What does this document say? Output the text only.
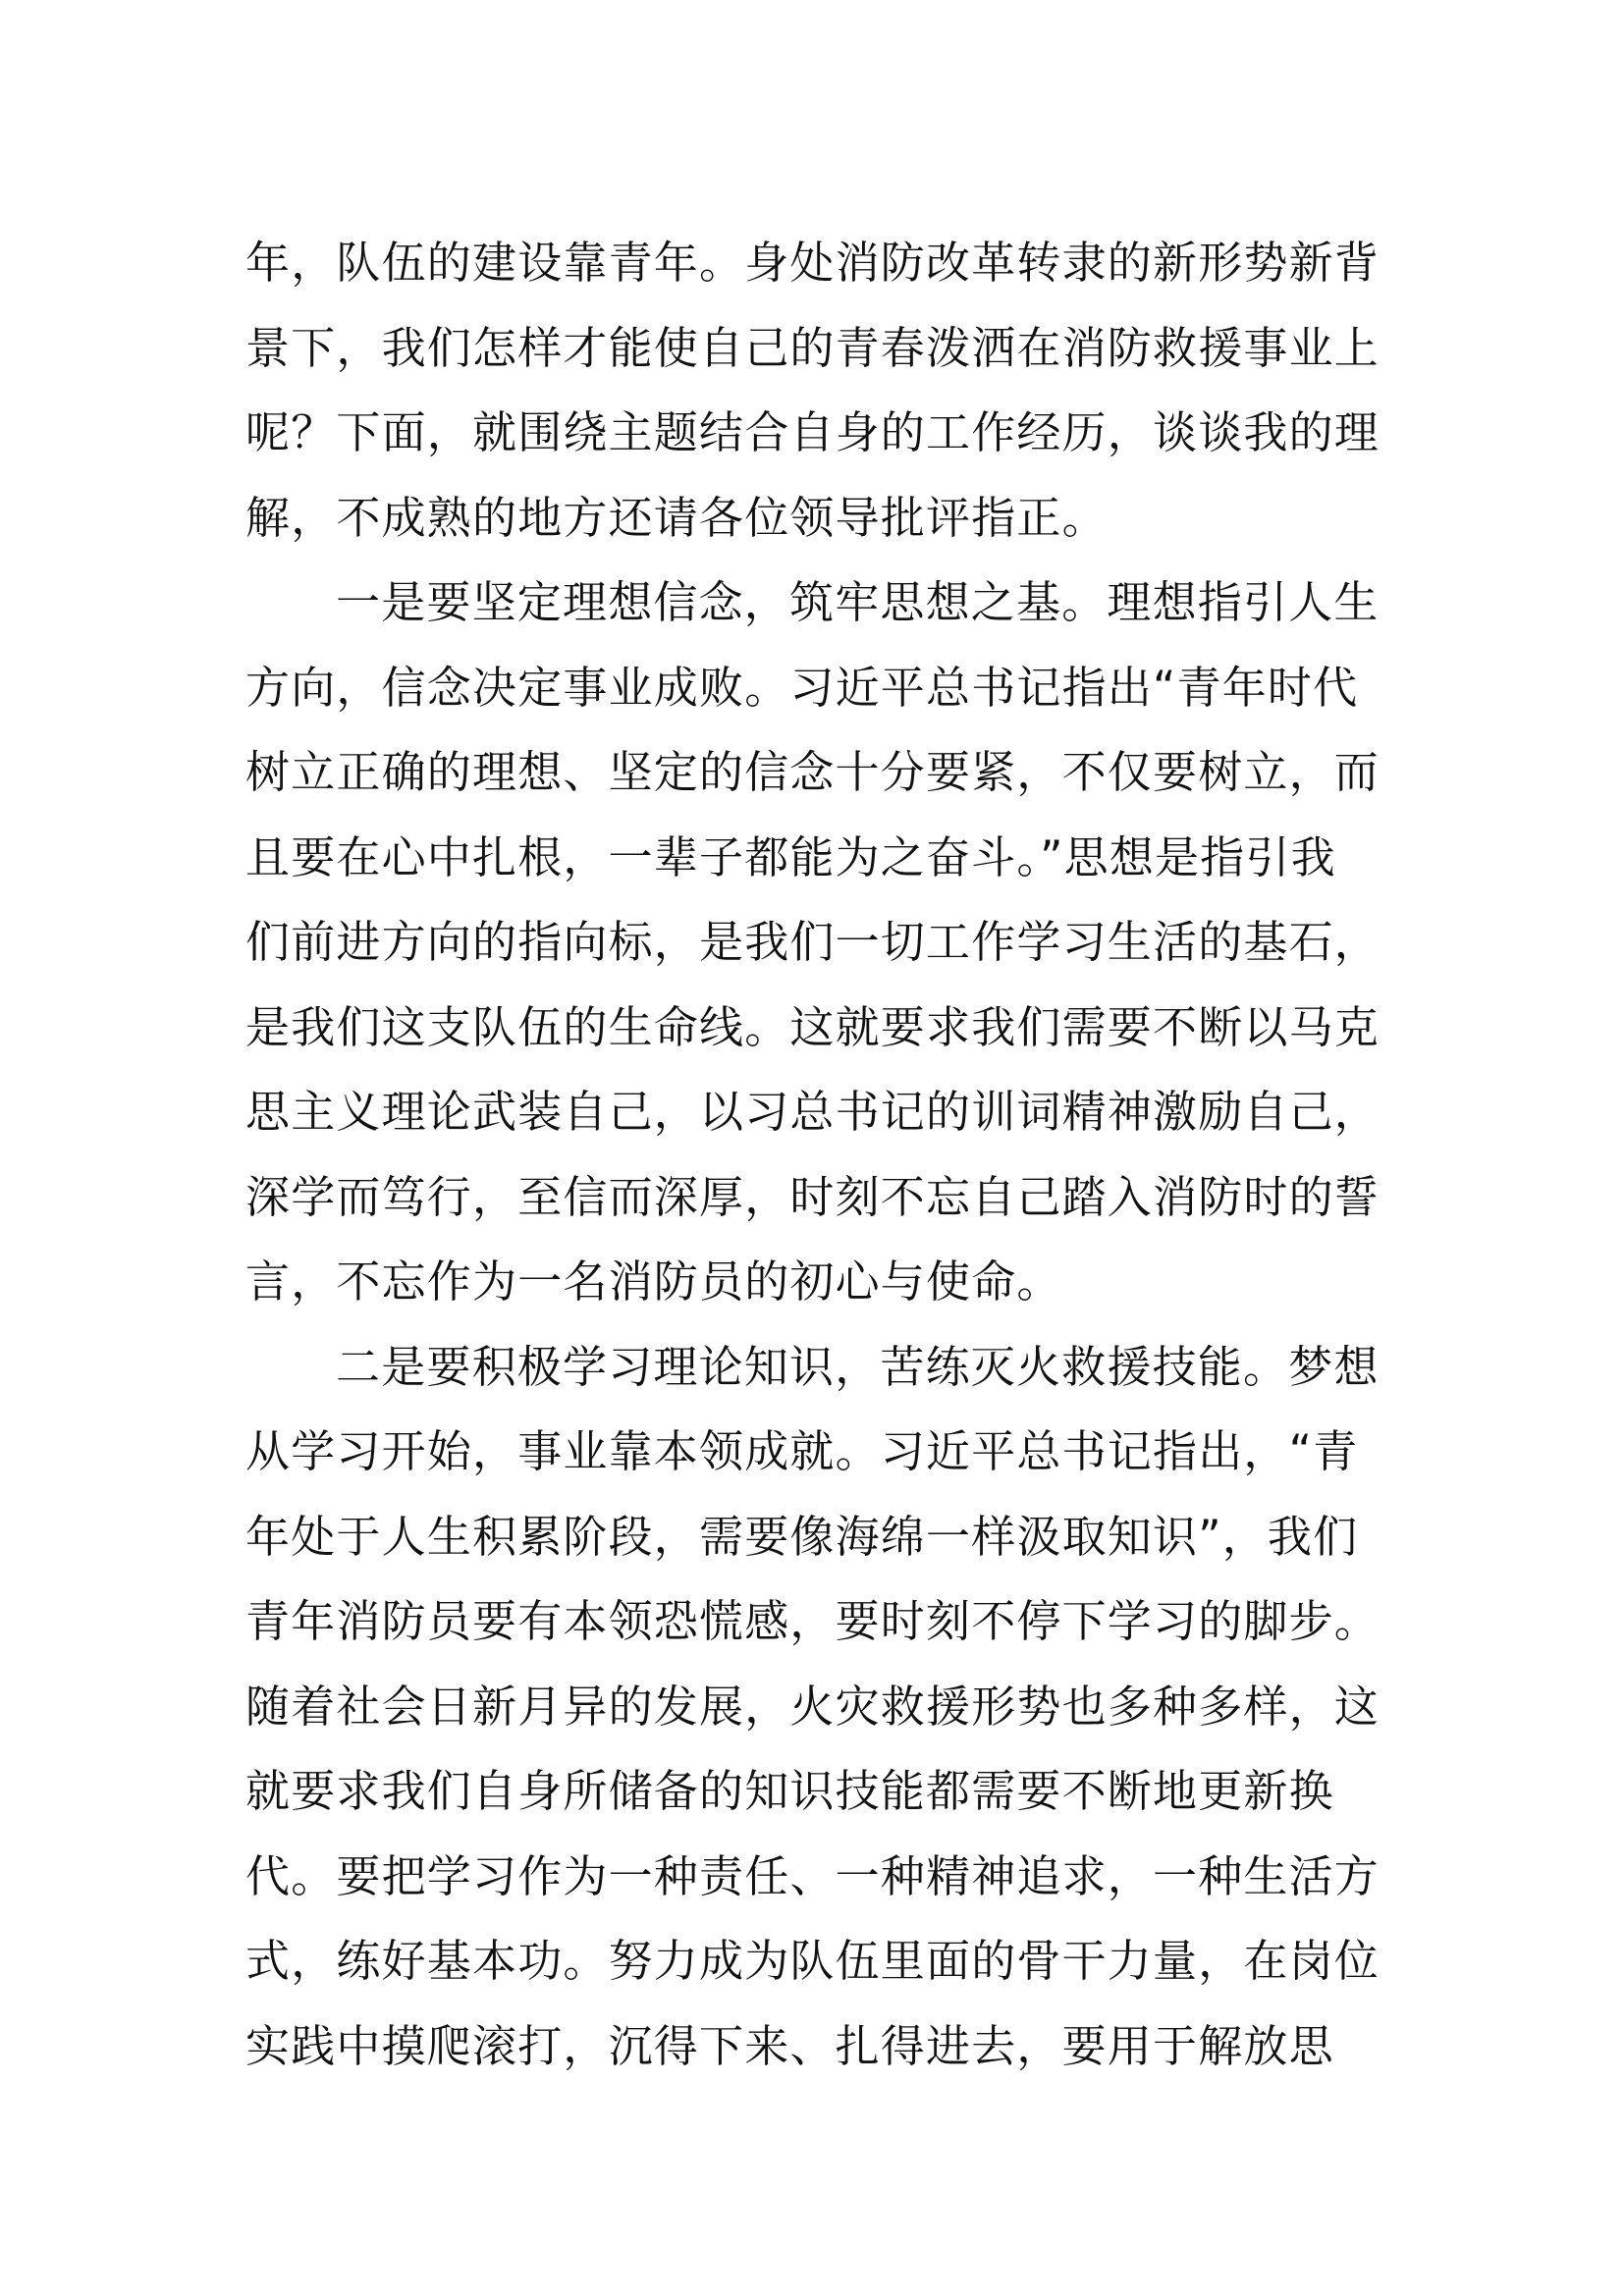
年，队伍的建设靠青年。身处消防改革转隶的新形势新背
景下，我们怎样才能使自己的青春泼洒在消防救援事业上
呢？下面，就围绕主题结合自身的工作经历，谈谈我的理
解，不成熟的地方还请各位领导批评指正。
一是要坚定理想信念，筑牢思想之基。理想指引人生
方向，信念决定事业成败。习近平总书记指出“青年时代
树立正确的理想、坚定的信念十分要紧，不仅要树立，而
且要在心中扎根，一辈子都能为之奋斗。”思想是指引我
们前进方向的指向标，是我们一切工作学习生活的基石，
是我们这支队伍的生命线。这就要求我们需要不断以马克
思主义理论武装自己，以习总书记的训词精神激励自己，
深学而笃行，至信而深厚，时刻不忘自己踏入消防时的誓
言，不忘作为一名消防员的初心与使命。
二是要积极学习理论知识，苦练灭火救援技能。梦想
从学习开始，事业靠本领成就。习近平总书记指出，“青
年处于人生积累阶段，需要像海绵一样汲取知识”，我们
青年消防员要有本领恐慌感，要时刻不停下学习的脚步。
随着社会日新月异的发展，火灾救援形势也多种多样，这
就要求我们自身所储备的知识技能都需要不断地更新换
代。要把学习作为一种责任、一种精神追求，一种生活方
式，练好基本功。努力成为队伍里面的骨干力量，在岗位
实践中摸爬滚打，沉得下来、扎得进去，要用于解放思
